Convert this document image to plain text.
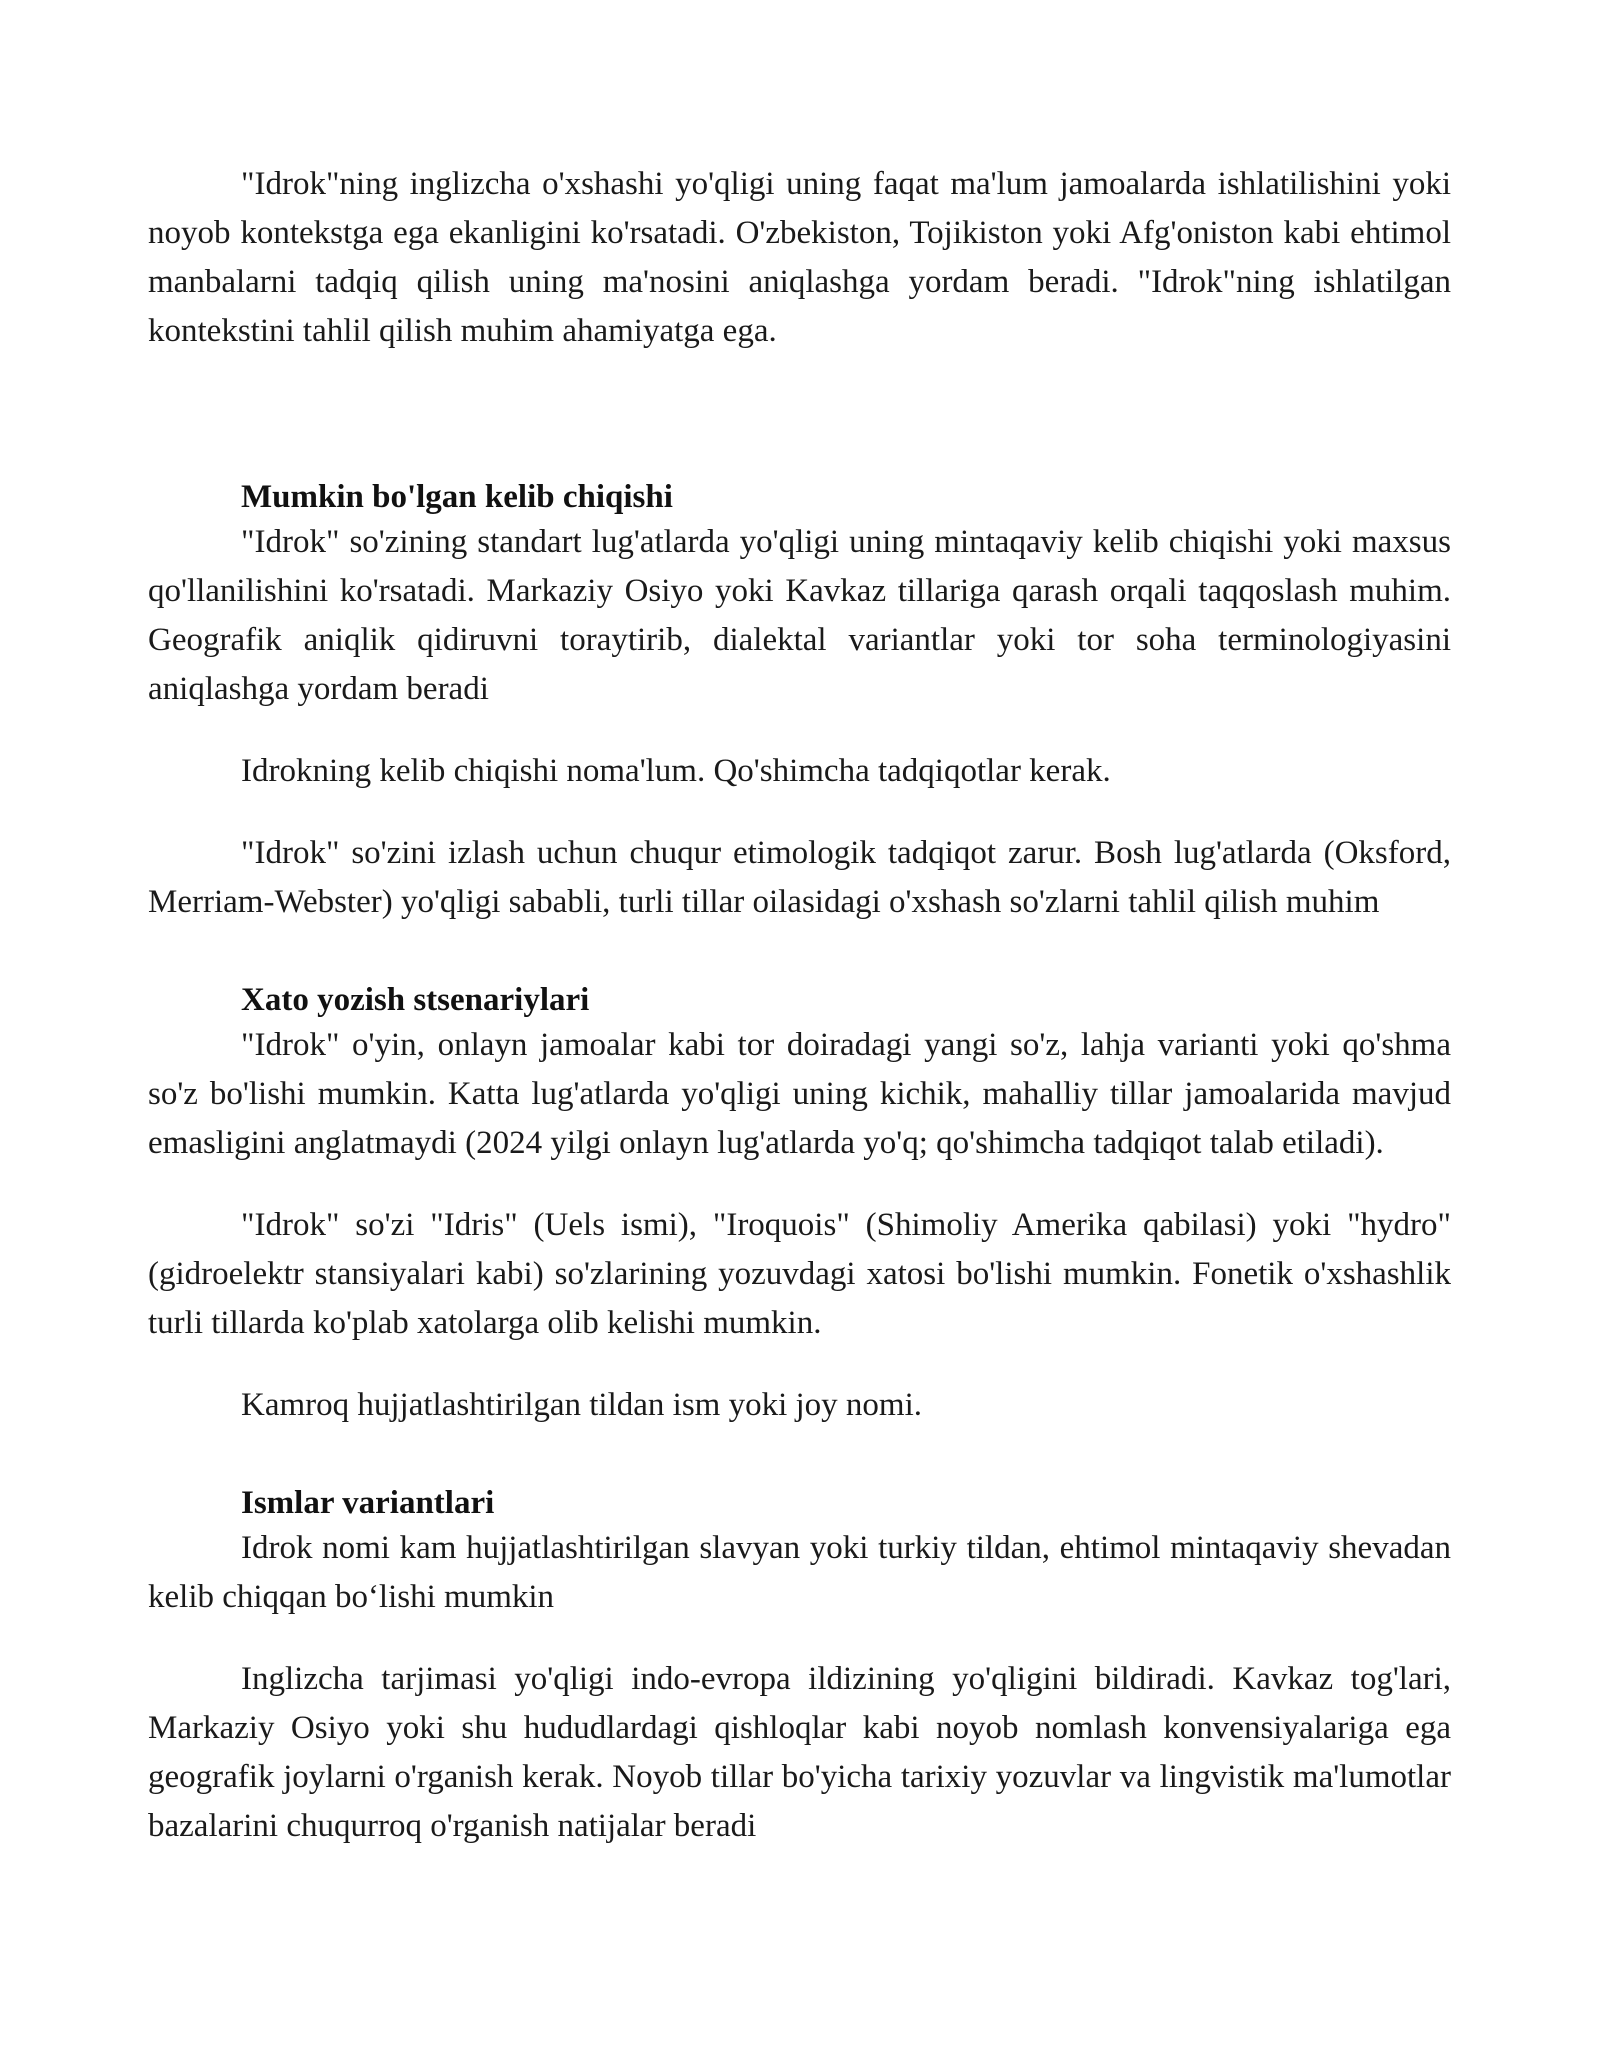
"Idrok"ning inglizcha o'xshashi yo'qligi uning faqat ma'lum jamoalarda ishlatilishini yoki noyob kontekstga ega ekanligini ko'rsatadi. O'zbekiston, Tojikiston yoki Afg'oniston kabi ehtimol manbalarni tadqiq qilish uning ma'nosini aniqlashga yordam beradi. "Idrok"ning ishlatilgan kontekstini tahlil qilish muhim ahamiyatga ega.

Mumkin bo'lgan kelib chiqishi

"Idrok" so'zining standart lug'atlarda yo'qligi uning mintaqaviy kelib chiqishi yoki maxsus qo'llanilishini ko'rsatadi. Markaziy Osiyo yoki Kavkaz tillariga qarash orqali taqqoslash muhim. Geografik aniqlik qidiruvni toraytirib, dialektal variantlar yoki tor soha terminologiyasini aniqlashga yordam beradi

Idrokning kelib chiqishi noma'lum. Qo'shimcha tadqiqotlar kerak.

"Idrok" so'zini izlash uchun chuqur etimologik tadqiqot zarur. Bosh lug'atlarda (Oksford, Merriam-Webster) yo'qligi sababli, turli tillar oilasidagi o'xshash so'zlarni tahlil qilish muhim

Xato yozish stsenariylari

"Idrok" o'yin, onlayn jamoalar kabi tor doiradagi yangi so'z, lahja varianti yoki qo'shma so'z bo'lishi mumkin. Katta lug'atlarda yo'qligi uning kichik, mahalliy tillar jamoalarida mavjud emasligini anglatmaydi (2024 yilgi onlayn lug'atlarda yo'q; qo'shimcha tadqiqot talab etiladi).

"Idrok" so'zi "Idris" (Uels ismi), "Iroquois" (Shimoliy Amerika qabilasi) yoki "hydro" (gidroelektr stansiyalari kabi) so'zlarining yozuvdagi xatosi bo'lishi mumkin. Fonetik o'xshashlik turli tillarda ko'plab xatolarga olib kelishi mumkin.

Kamroq hujjatlashtirilgan tildan ism yoki joy nomi.

Ismlar variantlari

Idrok nomi kam hujjatlashtirilgan slavyan yoki turkiy tildan, ehtimol mintaqaviy shevadan kelib chiqqan bo‘lishi mumkin

Inglizcha tarjimasi yo'qligi indo-evropa ildizining yo'qligini bildiradi. Kavkaz tog'lari, Markaziy Osiyo yoki shu hududlardagi qishloqlar kabi noyob nomlash konvensiyalariga ega geografik joylarni o'rganish kerak. Noyob tillar bo'yicha tarixiy yozuvlar va lingvistik ma'lumotlar bazalarini chuqurroq o'rganish natijalar beradi
